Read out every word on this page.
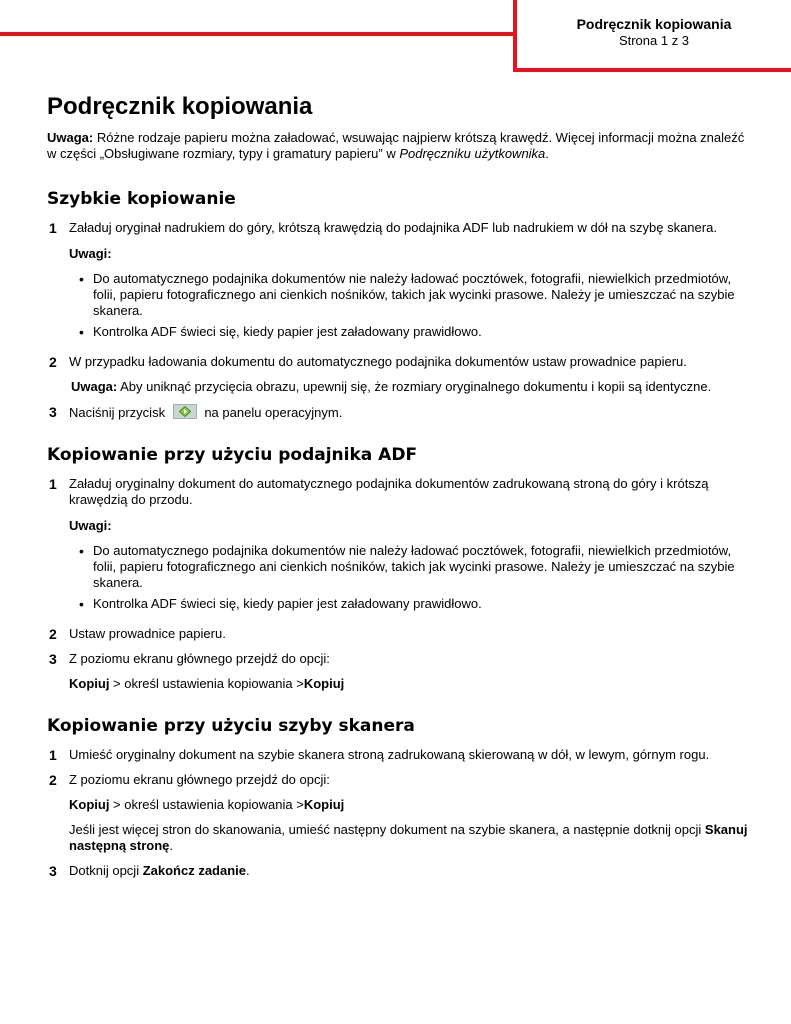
Podręcznik kopiowania
Strona 1 z 3
Podręcznik kopiowania

Uwaga: Różne rodzaje papieru można załadować, wsuwając najpierw krótszą krawędź. Więcej informacji można znaleźć w części „Obsługiwane rozmiary, typy i gramatury papieru” w Podręczniku użytkownika.

Szybkie kopiowanie
1 Załaduj oryginał nadrukiem do góry, krótszą krawędzią do podajnika ADF lub nadrukiem w dół na szybę skanera.

Uwagi:

• Do automatycznego podajnika dokumentów nie należy ładować pocztówek, fotografii, niewielkich przedmiotów, folii, papieru fotograficznego ani cienkich nośników, takich jak wycinki prasowe. Należy je umieszczać na szybie skanera.
• Kontrolka ADF świeci się, kiedy papier jest załadowany prawidłowo.
2 W przypadku ładowania dokumentu do automatycznego podajnika dokumentów ustaw prowadnice papieru.

Uwaga: Aby uniknąć przycięcia obrazu, upewnij się, że rozmiary oryginalnego dokumentu i kopii są identyczne.

3 Naciśnij przycisk	na panelu operacyjnym.
Kopiowanie przy użyciu podajnika ADF
1 Załaduj oryginalny dokument do automatycznego podajnika dokumentów zadrukowaną stroną do góry i krótszą krawędzią do przodu.

Uwagi:

• Do automatycznego podajnika dokumentów nie należy ładować pocztówek, fotografii, niewielkich przedmiotów, folii, papieru fotograficznego ani cienkich nośników, takich jak wycinki prasowe. Należy je umieszczać na szybie skanera.
• Kontrolka ADF świeci się, kiedy papier jest załadowany prawidłowo.
2 Ustaw prowadnice papieru.

3 Z poziomu ekranu głównego przejdź do opcji:

Kopiuj > określ ustawienia kopiowania >Kopiuj

Kopiowanie przy użyciu szyby skanera
1 Umieść oryginalny dokument na szybie skanera stroną zadrukowaną skierowaną w dół, w lewym, górnym rogu.

2 Z poziomu ekranu głównego przejdź do opcji:

Kopiuj > określ ustawienia kopiowania >Kopiuj

Jeśli jest więcej stron do skanowania, umieść następny dokument na szybie skanera, a następnie dotknij opcji Skanuj następną stronę.

3 Dotknij opcji Zakończ zadanie.
